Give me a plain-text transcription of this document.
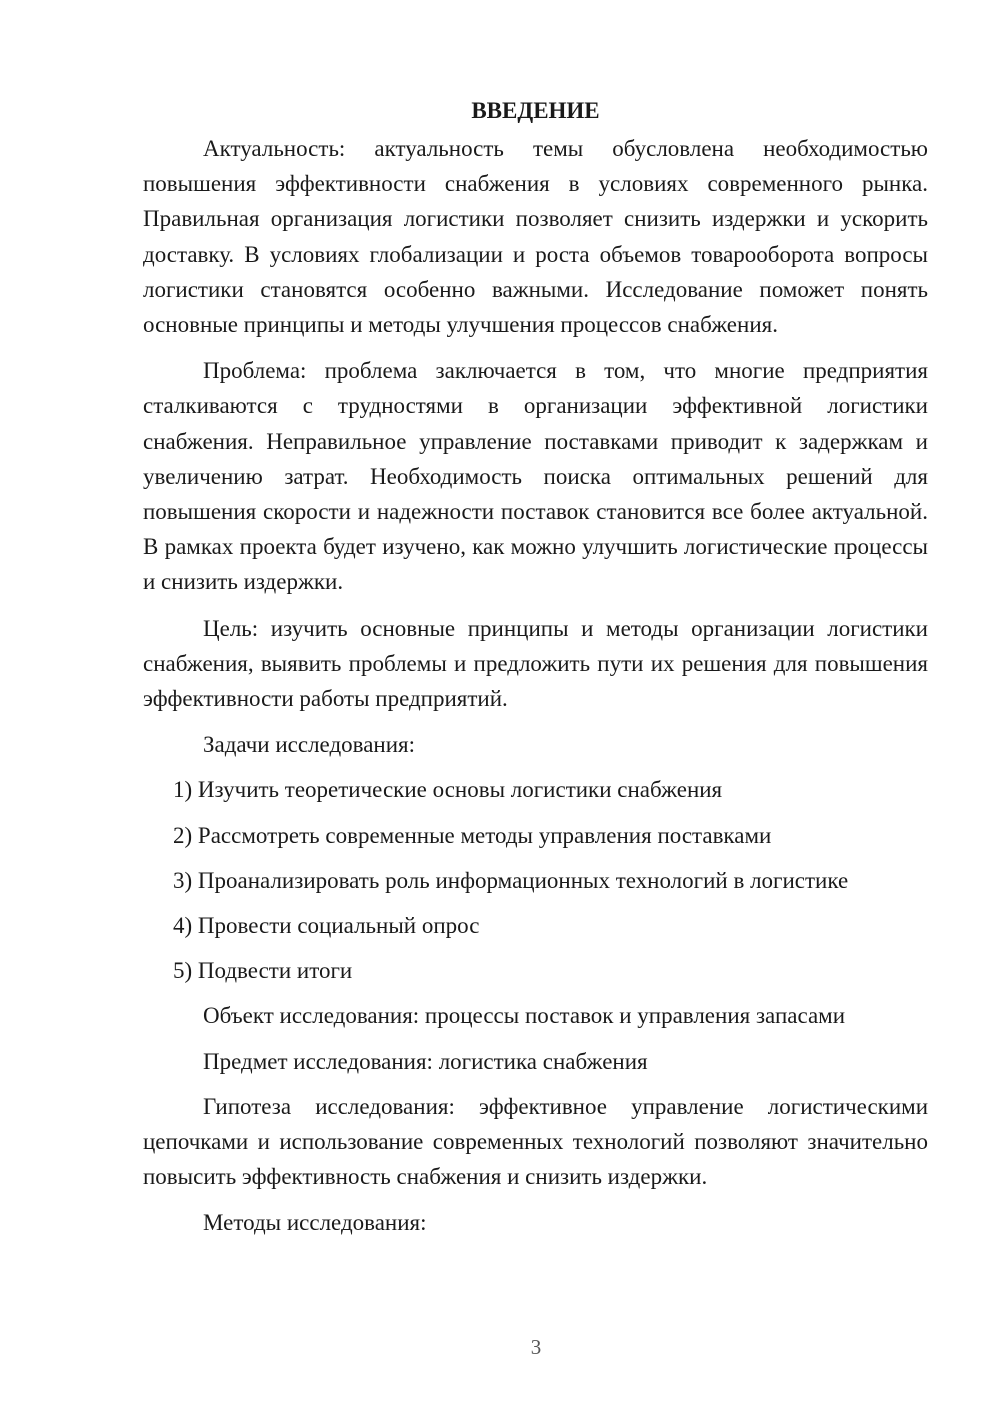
ВВЕДЕНИЕ

Актуальность: актуальность темы обусловлена необходимостью повышения эффективности снабжения в условиях современного рынка. Правильная организация логистики позволяет снизить издержки и ускорить доставку. В условиях глобализации и роста объемов товарооборота вопросы логистики становятся особенно важными. Исследование поможет понять основные принципы и методы улучшения процессов снабжения.

Проблема: проблема заключается в том, что многие предприятия сталкиваются с трудностями в организации эффективной логистики снабжения. Неправильное управление поставками приводит к задержкам и увеличению затрат. Необходимость поиска оптимальных решений для повышения скорости и надежности поставок становится все более актуальной. В рамках проекта будет изучено, как можно улучшить логистические процессы и снизить издержки.

Цель: изучить основные принципы и методы организации логистики снабжения, выявить проблемы и предложить пути их решения для повышения эффективности работы предприятий.

Задачи исследования:

1) Изучить теоретические основы логистики снабжения

2) Рассмотреть современные методы управления поставками

3) Проанализировать роль информационных технологий в логистике

4) Провести социальный опрос

5) Подвести итоги

Объект исследования: процессы поставок и управления запасами

Предмет исследования: логистика снабжения

Гипотеза исследования: эффективное управление логистическими цепочками и использование современных технологий позволяют значительно повысить эффективность снабжения и снизить издержки.

Методы исследования:

3
